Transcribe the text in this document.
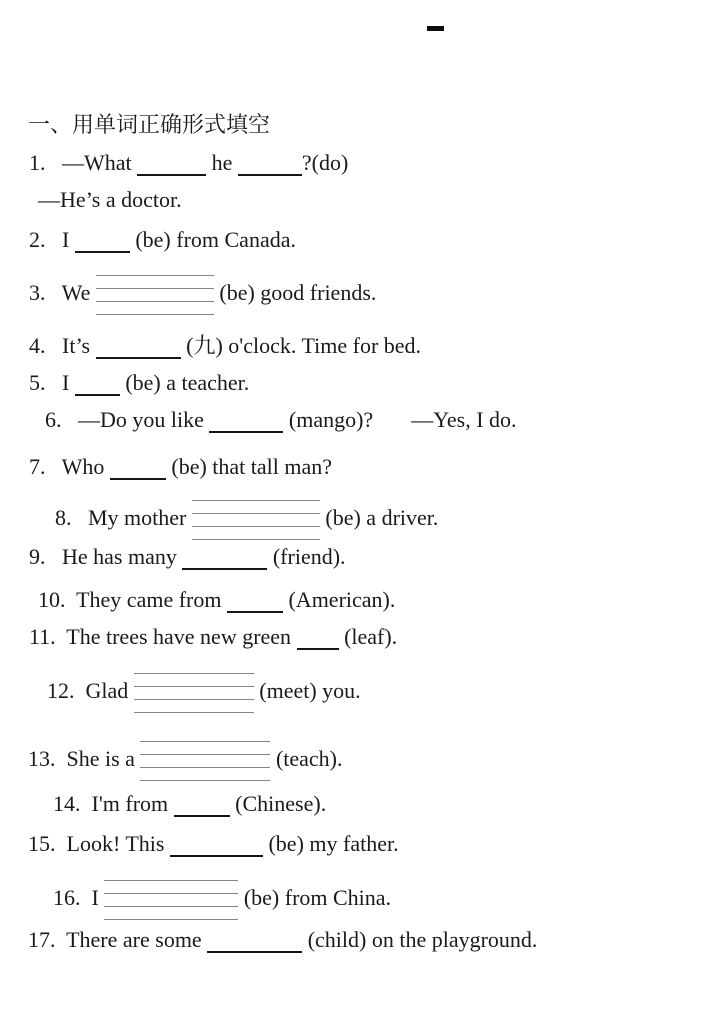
一、用单词正确形式填空
1.   —What	he	?(do)
—He’s a doctor.
2.   I	(be) from Canada.
3.   We	(be) good friends.
4.   It’s	(九) o'clock. Time for bed.
5.   I  (be) a teacher.
6.   —Do you like	(mango)? —Yes, I do.
7.   Who	(be) that tall man?
8.   My mother	(be) a driver.
9.   He has many	(friend).
10.  They came from	(American).
11.  The trees have new green  (leaf).
12.  Glad	(meet) you.
13.  She is a	(teach).
14.  I'm from	(Chinese).
15.  Look! This	(be) my father.
16.  I	(be) from China.
17.  There are some	(child) on the playground.
